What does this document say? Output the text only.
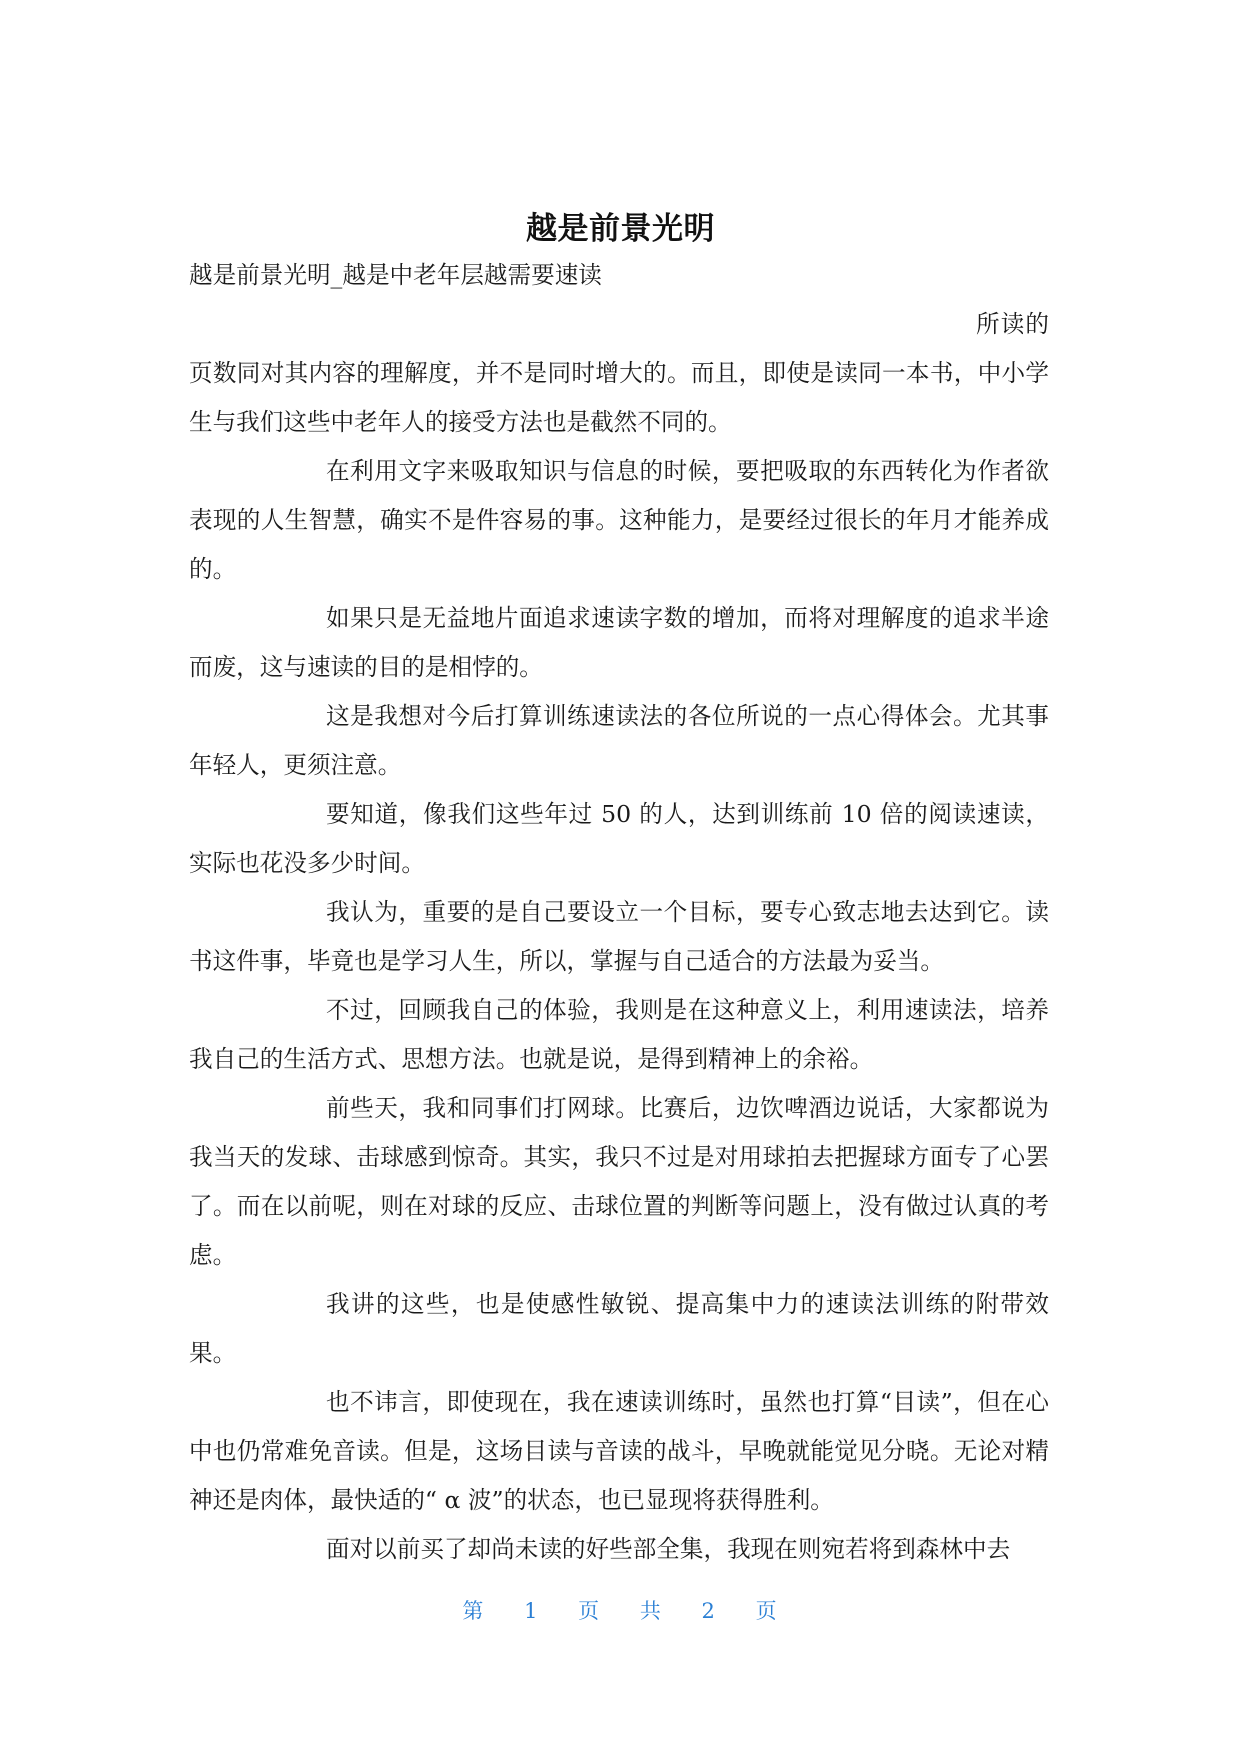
越是前景光明

越是前景光明_越是中老年层越需要速读

所读的页数同对其内容的理解度，并不是同时增大的。而且，即使是读同一本书，中小学生与我们这些中老年人的接受方法也是截然不同的。

在利用文字来吸取知识与信息的时候，要把吸取的东西转化为作者欲表现的人生智慧，确实不是件容易的事。这种能力，是要经过很长的年月才能养成的。

如果只是无益地片面追求速读字数的增加，而将对理解度的追求半途而废，这与速读的目的是相悖的。

这是我想对今后打算训练速读法的各位所说的一点心得体会。尤其事年轻人，更须注意。

要知道，像我们这些年过 50 的人，达到训练前 10 倍的阅读速读，实际也花没多少时间。

我认为，重要的是自己要设立一个目标，要专心致志地去达到它。读书这件事，毕竟也是学习人生，所以，掌握与自己适合的方法最为妥当。

不过，回顾我自己的体验，我则是在这种意义上，利用速读法，培养我自己的生活方式、思想方法。也就是说，是得到精神上的余裕。

前些天，我和同事们打网球。比赛后，边饮啤酒边说话，大家都说为我当天的发球、击球感到惊奇。其实，我只不过是对用球拍去把握球方面专了心罢了。而在以前呢，则在对球的反应、击球位置的判断等问题上，没有做过认真的考虑。

我讲的这些，也是使感性敏锐、提高集中力的速读法训练的附带效果。

也不讳言，即使现在，我在速读训练时，虽然也打算“目读”，但在心中也仍常难免音读。但是，这场目读与音读的战斗，早晚就能觉见分晓。无论对精神还是肉体，最快适的“ α 波”的状态，也已显现将获得胜利。

面对以前买了却尚未读的好些部全集，我现在则宛若将到森林中去

第 1 页 共 2 页
